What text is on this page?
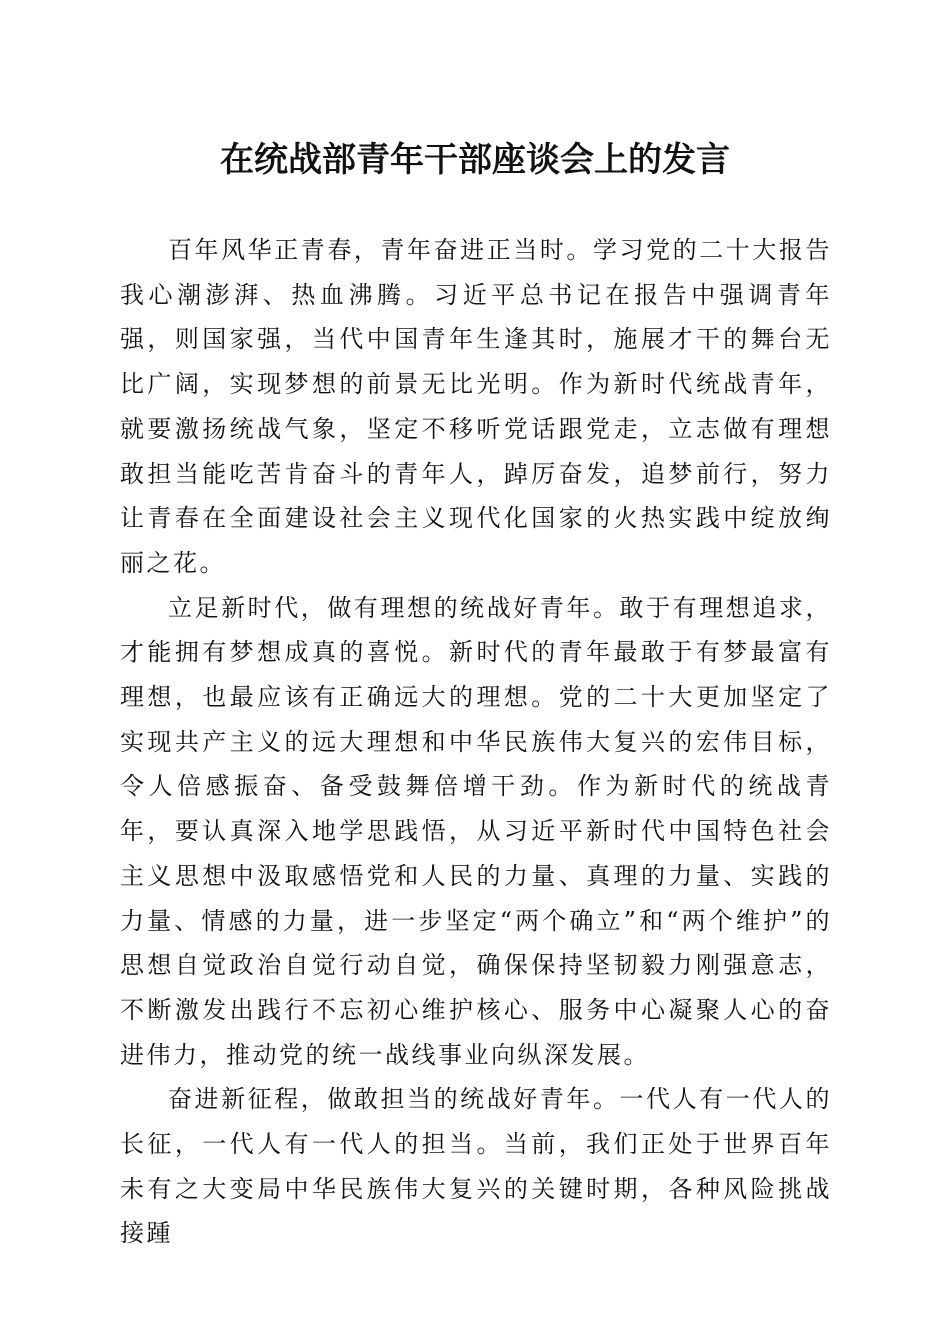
在统战部青年干部座谈会上的发言

百年风华正青春，青年奋进正当时。学习党的二十大报告我心潮澎湃、热血沸腾。习近平总书记在报告中强调青年强，则国家强，当代中国青年生逢其时，施展才干的舞台无比广阔，实现梦想的前景无比光明。作为新时代统战青年，就要激扬统战气象，坚定不移听党话跟党走，立志做有理想敢担当能吃苦肯奋斗的青年人，踔厉奋发，追梦前行，努力让青春在全面建设社会主义现代化国家的火热实践中绽放绚丽之花。

立足新时代，做有理想的统战好青年。敢于有理想追求，才能拥有梦想成真的喜悦。新时代的青年最敢于有梦最富有理想，也最应该有正确远大的理想。党的二十大更加坚定了实现共产主义的远大理想和中华民族伟大复兴的宏伟目标，令人倍感振奋、备受鼓舞倍增干劲。作为新时代的统战青年，要认真深入地学思践悟，从习近平新时代中国特色社会主义思想中汲取感悟党和人民的力量、真理的力量、实践的力量、情感的力量，进一步坚定“两个确立”和“两个维护”的思想自觉政治自觉行动自觉，确保保持坚韧毅力刚强意志，不断激发出践行不忘初心维护核心、服务中心凝聚人心的奋进伟力，推动党的统一战线事业向纵深发展。

奋进新征程，做敢担当的统战好青年。一代人有一代人的长征，一代人有一代人的担当。当前，我们正处于世界百年未有之大变局中华民族伟大复兴的关键时期，各种风险挑战接踵
